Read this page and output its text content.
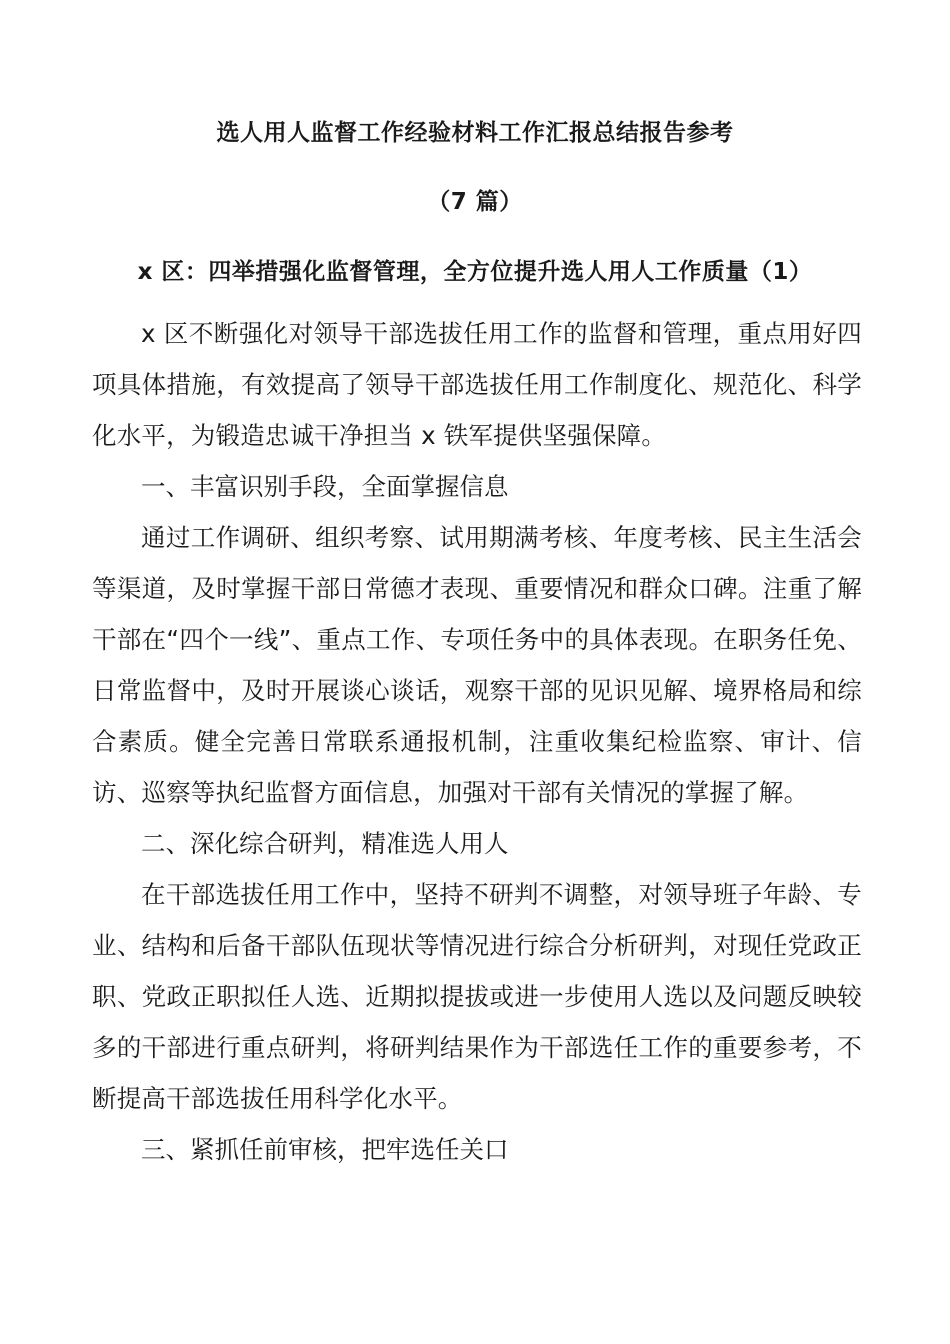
选人用人监督工作经验材料工作汇报总结报告参考
（7 篇）
x 区：四举措强化监督管理，全方位提升选人用人工作质量（1）

x 区不断强化对领导干部选拔任用工作的监督和管理，重点用好四项具体措施，有效提高了领导干部选拔任用工作制度化、规范化、科学化水平，为锻造忠诚干净担当 x 铁军提供坚强保障。

一、丰富识别手段，全面掌握信息

通过工作调研、组织考察、试用期满考核、年度考核、民主生活会等渠道，及时掌握干部日常德才表现、重要情况和群众口碑。注重了解干部在“四个一线”、重点工作、专项任务中的具体表现。在职务任免、日常监督中，及时开展谈心谈话，观察干部的见识见解、境界格局和综合素质。健全完善日常联系通报机制，注重收集纪检监察、审计、信访、巡察等执纪监督方面信息，加强对干部有关情况的掌握了解。

二、深化综合研判，精准选人用人

在干部选拔任用工作中，坚持不研判不调整，对领导班子年龄、专业、结构和后备干部队伍现状等情况进行综合分析研判，对现任党政正职、党政正职拟任人选、近期拟提拔或进一步使用人选以及问题反映较多的干部进行重点研判，将研判结果作为干部选任工作的重要参考，不断提高干部选拔任用科学化水平。

三、紧抓任前审核，把牢选任关口
